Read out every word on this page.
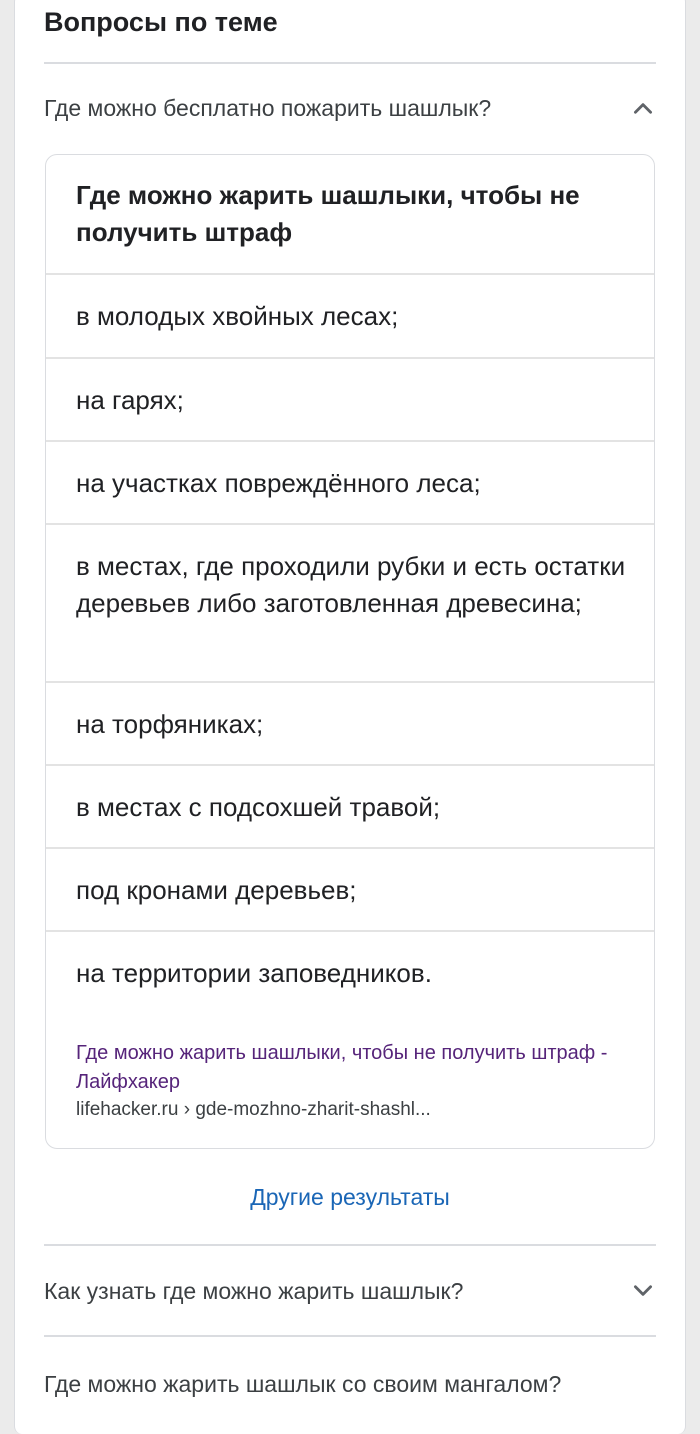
Вопросы по теме
Где можно бесплатно пожарить шашлык?
Где можно жарить шашлыки, чтобы не получить штраф
в молодых хвойных лесах;
на гарях;
на участках повреждённого леса;
в местах, где проходили рубки и есть остатки деревьев либо заготовленная древесина;
на торфяниках;
в местах с подсохшей травой;
под кронами деревьев;
на территории заповедников.
Где можно жарить шашлыки, чтобы не получить штраф - Лайфхакер
lifehacker.ru › gde-mozhno-zharit-shashl...
Другие результаты
Как узнать где можно жарить шашлык?
Где можно жарить шашлык со своим мангалом?
